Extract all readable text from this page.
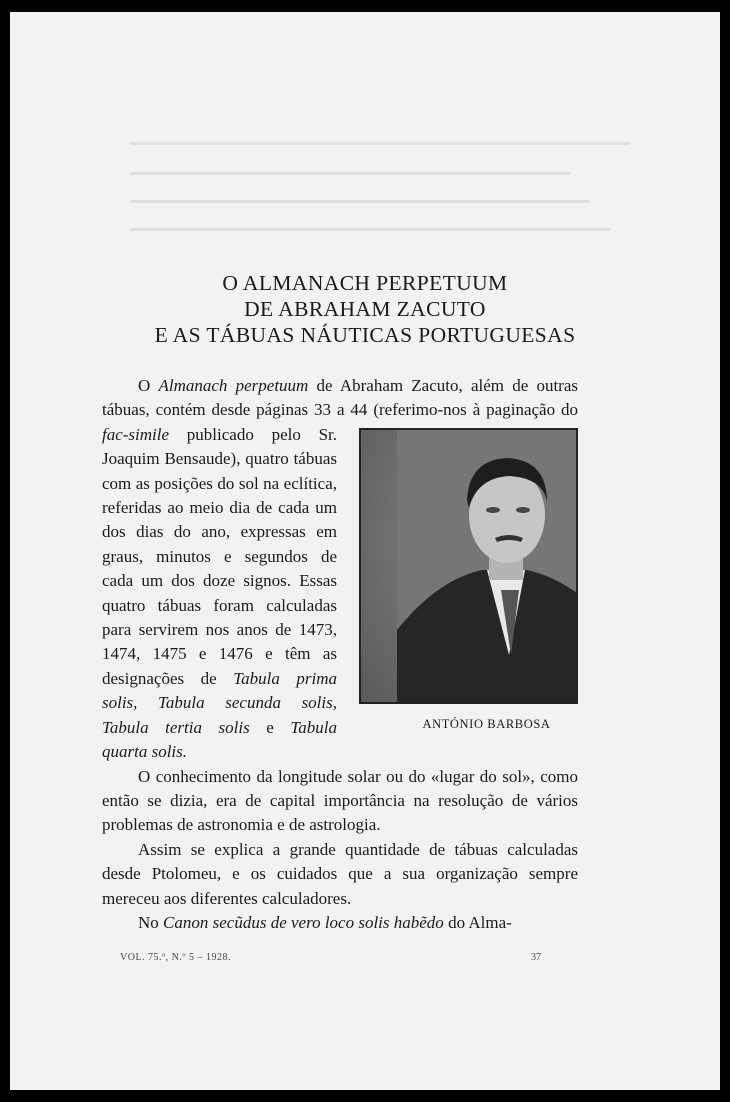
O ALMANACH PERPETUUM
DE ABRAHAM ZACUTO
E AS TÁBUAS NÁUTICAS PORTUGUESAS

O Almanach perpetuum de Abraham Zacuto, além de outras tábuas, contém desde páginas 33 a 44 (referimo-nos à paginação do fac-simile
ANTÓNIO BARBOSA
publicado pelo Sr. Joaquim Bensaude), quatro tábuas com as posições do sol na eclítica, referidas ao meio dia de cada um dos dias do ano, expressas em graus, minutos e segundos de cada um dos doze signos. Essas quatro tábuas foram calculadas para servirem nos anos de 1473, 1474, 1475 e 1476 e têm as designações de Tabula prima solis, Tabula secunda solis, Tabula tertia solis e Tabula quarta solis.

O conhecimento da longitude solar ou do «lugar do sol», como então se dizia, era de capital importância na resolução de vários problemas de astronomia e de astrologia.

Assim se explica a grande quantidade de tábuas calculadas desde Ptolomeu, e os cuidados que a sua organização sempre mereceu aos diferentes calculadores.

No Canon secũdus de vero loco solis habẽdo do Alma-

VOL. 75.º, N.º 5 – 1928.	37
